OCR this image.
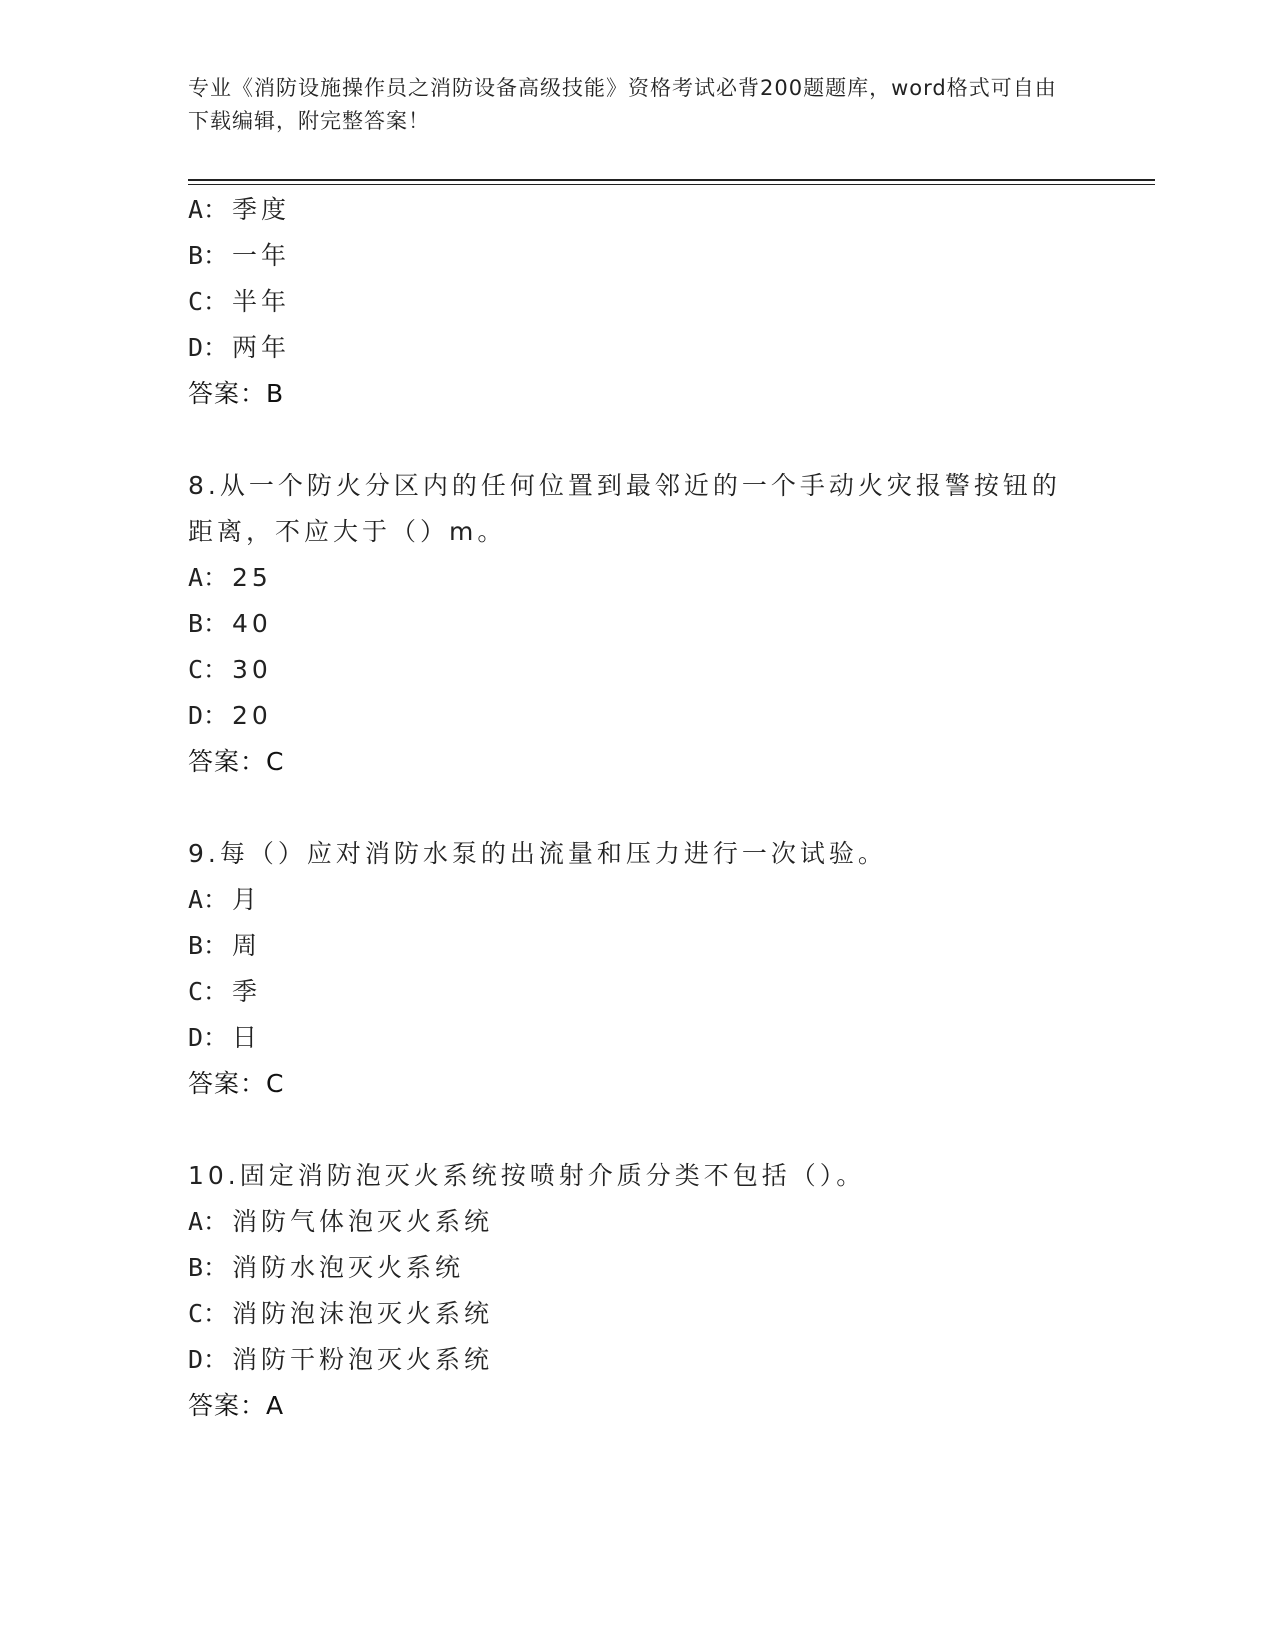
专业《消防设施操作员之消防设备高级技能》资格考试必背200题题库，word格式可自由下载编辑，附完整答案！
A： 季度
B： 一年
C： 半年
D： 两年
答案：B
8.从一个防火分区内的任何位置到最邻近的一个手动火灾报警按钮的距离，不应大于（）m。
A： 25
B： 40
C： 30
D： 20
答案：C
9.每（）应对消防水泵的出流量和压力进行一次试验。
A： 月
B： 周
C： 季
D： 日
答案：C
10.固定消防泡灭火系统按喷射介质分类不包括（）。
A： 消防气体泡灭火系统
B： 消防水泡灭火系统
C： 消防泡沫泡灭火系统
D： 消防干粉泡灭火系统
答案：A
